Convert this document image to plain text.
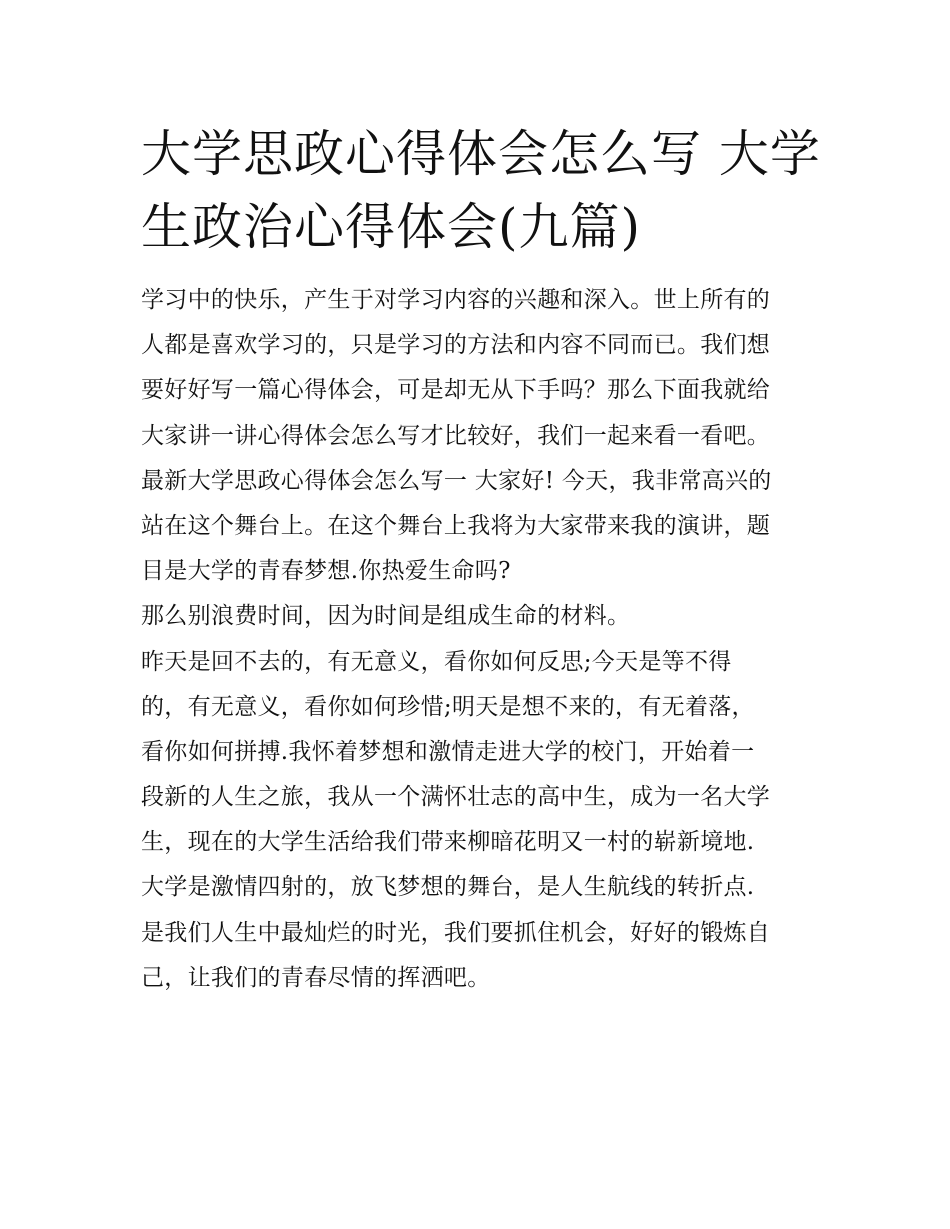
大学思政心得体会怎么写 大学
生政治心得体会(九篇)
学习中的快乐，产生于对学习内容的兴趣和深入。世上所有的
人都是喜欢学习的，只是学习的方法和内容不同而已。我们想
要好好写一篇心得体会，可是却无从下手吗？那么下面我就给
大家讲一讲心得体会怎么写才比较好，我们一起来看一看吧。
最新大学思政心得体会怎么写一 大家好! 今天，我非常高兴的
站在这个舞台上。在这个舞台上我将为大家带来我的演讲，题
目是大学的青春梦想.你热爱生命吗?
那么别浪费时间，因为时间是组成生命的材料。
昨天是回不去的，有无意义，看你如何反思;今天是等不得
的，有无意义，看你如何珍惜;明天是想不来的，有无着落，
看你如何拼搏.我怀着梦想和激情走进大学的校门，开始着一
段新的人生之旅，我从一个满怀壮志的高中生，成为一名大学
生，现在的大学生活给我们带来柳暗花明又一村的崭新境地.
大学是激情四射的，放飞梦想的舞台，是人生航线的转折点.
是我们人生中最灿烂的时光，我们要抓住机会，好好的锻炼自
己，让我们的青春尽情的挥洒吧。
